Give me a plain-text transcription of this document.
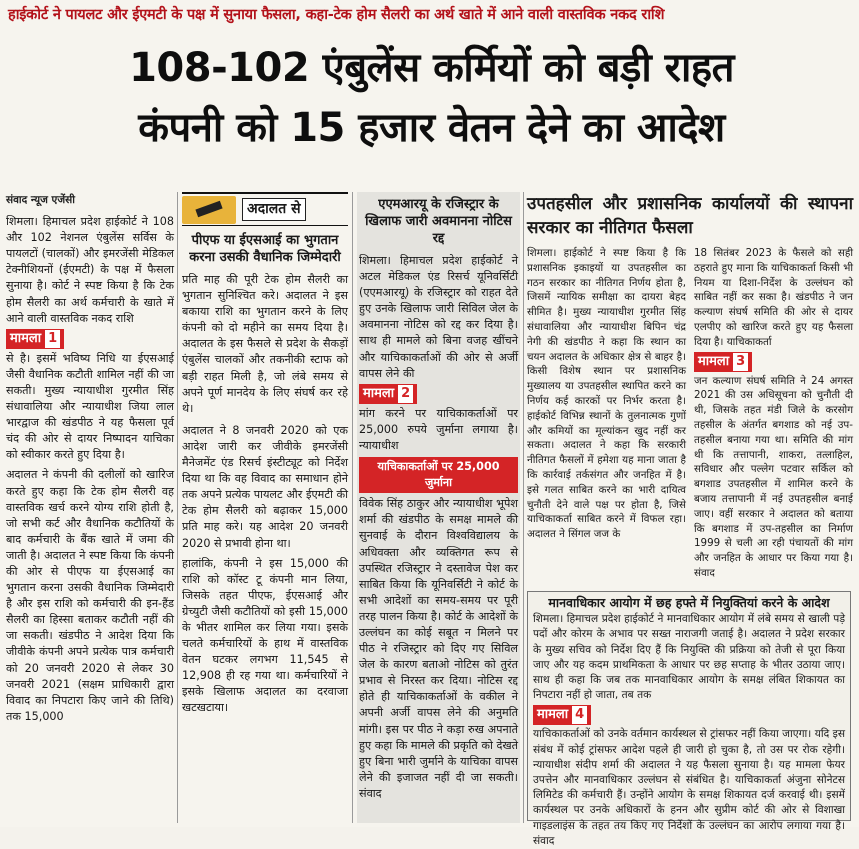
हाईकोर्ट ने पायलट और ईएमटी के पक्ष में सुनाया फैसला, कहा-टेक होम सैलरी का अर्थ खाते में आने वाली वास्तविक नकद राशि
108-102 एंबुलेंस कर्मियों को बड़ी राहत
कंपनी को 15 हजार वेतन देने का आदेश
संवाद न्यूज एजेंसी

शिमला। हिमाचल प्रदेश हाईकोर्ट ने 108 और 102 नेशनल एंबुलेंस सर्विस के पायलटों (चालकों) और इमरजेंसी मेडिकल टेक्नीशियनों (ईएमटी) के पक्ष में फैसला सुनाया है। कोर्ट ने स्पष्ट किया है कि टेक होम सैलरी का अर्थ कर्मचारी के खाते में आने वाली वास्तविक नकद राशि

मामला 1

से है। इसमें भविष्य निधि या ईएसआई जैसी वैधानिक कटौती शामिल नहीं की जा सकती। मुख्य न्यायाधीश गुरमीत सिंह संधावालिया और न्यायाधीश जिया लाल भारद्वाज की खंडपीठ ने यह फैसला पूर्व चंद की ओर से दायर निष्पादन याचिका को स्वीकार करते हुए दिया है।

अदालत ने कंपनी की दलीलों को खारिज करते हुए कहा कि टेक होम सैलरी वह वास्तविक खर्च करने योग्य राशि होती है, जो सभी कर्ट और वैधानिक कटौतियों के बाद कर्मचारी के बैंक खाते में जमा की जाती है। अदालत ने स्पष्ट किया कि कंपनी की ओर से पीएफ या ईएसआई का भुगतान करना उसकी वैधानिक जिम्मेदारी है और इस राशि को कर्मचारी की इन-हैंड सैलरी का हिस्सा बताकर कटौती नहीं की जा सकती। खंडपीठ ने आदेश दिया कि जीवीके कंपनी अपने प्रत्येक पात्र कर्मचारी को 20 जनवरी 2020 से लेकर 30 जनवरी 2021 (सक्षम प्राधिकारी द्वारा विवाद का निपटारा किए जाने की तिथि) तक 15,000

अदालत से
पीएफ या ईएसआई का भुगतान करना उसकी वैधानिक जिम्मेदारी

प्रति माह की पूरी टेक होम सैलरी का भुगतान सुनिश्चित करे। अदालत ने इस बकाया राशि का भुगतान करने के लिए कंपनी को दो महीने का समय दिया है। अदालत के इस फैसले से प्रदेश के सैकड़ों एंबुलेंस चालकों और तकनीकी स्टाफ को बड़ी राहत मिली है, जो लंबे समय से अपने पूर्ण मानदेय के लिए संघर्ष कर रहे थे।

अदालत ने 8 जनवरी 2020 को एक आदेश जारी कर जीवीके इमरजेंसी मैनेजमेंट एंड रिसर्च इंस्टीट्यूट को निर्देश दिया था कि वह विवाद का समाधान होने तक अपने प्रत्येक पायलट और ईएमटी की टेक होम सैलरी को बढ़ाकर 15,000 प्रति माह करे। यह आदेश 20 जनवरी 2020 से प्रभावी होना था।

हालांकि, कंपनी ने इस 15,000 की राशि को कॉस्ट टू कंपनी मान लिया, जिसके तहत पीएफ, ईएसआई और ग्रेच्युटी जैसी कटौतियों को इसी 15,000 के भीतर शामिल कर लिया गया। इसके चलते कर्मचारियों के हाथ में वास्तविक वेतन घटकर लगभग 11,545 से 12,908 ही रह गया था। कर्मचारियों ने इसके खिलाफ अदालत का दरवाजा खटखटाया।

एएमआरयू के रजिस्ट्रार के खिलाफ जारी अवमानना नोटिस रद्द

शिमला। हिमाचल प्रदेश हाईकोर्ट ने अटल मेडिकल एंड रिसर्च यूनिवर्सिटी (एएमआरयू) के रजिस्ट्रार को राहत देते हुए उनके खिलाफ जारी सिविल जेल के अवमानना नोटिस को रद्द कर दिया है। साथ ही मामले को बिना वजह खींचने और याचिकाकर्ताओं की ओर से अर्जी वापस लेने की

मामला 2

मांग करने पर याचिकाकर्ताओं पर 25,000 रुपये जुर्माना लगाया है। न्यायाधीश

याचिकाकर्ताओं पर 25,000 जुर्माना

विवेक सिंह ठाकुर और न्यायाधीश भूपेश शर्मा की खंडपीठ के समक्ष मामले की सुनवाई के दौरान विश्वविद्यालय के अधिवक्ता और व्यक्तिगत रूप से उपस्थित रजिस्ट्रार ने दस्तावेज पेश कर साबित किया कि यूनिवर्सिटी ने कोर्ट के सभी आदेशों का समय-समय पर पूरी तरह पालन किया है। कोर्ट के आदेशों के उल्लंघन का कोई सबूत न मिलने पर पीठ ने रजिस्ट्रार को दिए गए सिविल जेल के कारण बताओ नोटिस को तुरंत प्रभाव से निरस्त कर दिया। नोटिस रद्द होते ही याचिकाकर्ताओं के वकील ने अपनी अर्जी वापस लेने की अनुमति मांगी। इस पर पीठ ने कड़ा रुख अपनाते हुए कहा कि मामले की प्रकृति को देखते हुए बिना भारी जुर्माने के याचिका वापस लेने की इजाजत नहीं दी जा सकती। संवाद

उपतहसील और प्रशासनिक कार्यालयों की स्थापना सरकार का नीतिगत फैसला

शिमला। हाईकोर्ट ने स्पष्ट किया है कि प्रशासनिक इकाइयों या उपतहसील का गठन सरकार का नीतिगत निर्णय होता है, जिसमें न्यायिक समीक्षा का दायरा बेहद सीमित है। मुख्य न्यायाधीश गुरमीत सिंह संधावालिया और न्यायाधीश बिपिन चंद्र नेगी की खंडपीठ ने कहा कि स्थान का चयन अदालत के अधिकार क्षेत्र से बाहर है। किसी विशेष स्थान पर प्रशासनिक मुख्यालय या उपतहसील स्थापित करने का निर्णय कई कारकों पर निर्भर करता है। हाईकोर्ट विभिन्न स्थानों के तुलनात्मक गुणों और कमियों का मूल्यांकन खुद नहीं कर सकता। अदालत ने कहा कि सरकारी नीतिगत फैसलों में हमेशा यह माना जाता है कि कार्रवाई तर्कसंगत और जनहित में है। इसे गलत साबित करने का भारी दायित्व चुनौती देने वाले पक्ष पर होता है, जिसे याचिकाकर्ता साबित करने में विफल रहा। अदालत ने सिंगल जज के

18 सितंबर 2023 के फैसले को सही ठहराते हुए माना कि याचिकाकर्ता किसी भी नियम या दिशा-निर्देश के उल्लंघन को साबित नहीं कर सका है। खंडपीठ ने जन कल्याण संघर्ष समिति की ओर से दायर एलपीए को खारिज करते हुए यह फैसला दिया है। याचिकाकर्ता

मामला 3

जन कल्याण संघर्ष समिति ने 24 अगस्त 2021 की उस अधिसूचना को चुनौती दी थी, जिसके तहत मंडी जिले के करसोग तहसील के अंतर्गत बगशाड को नई उप-तहसील बनाया गया था। समिति की मांग थी कि तत्तापानी, शाकरा, तत्लाहिल, सविधार और पल्लेग पटवार सर्किल को बगशाड उपतहसील में शामिल करने के बजाय तत्तापानी में नई उपतहसील बनाई जाए। वहीं सरकार ने अदालत को बताया कि बगशाड में उप-तहसील का निर्माण 1999 से चली आ रही पंचायतों की मांग और जनहित के आधार पर किया गया है। संवाद

मानवाधिकार आयोग में छह हफ्ते में नियुक्तियां करने के आदेश

शिमला। हिमाचल प्रदेश हाईकोर्ट ने मानवाधिकार आयोग में लंबे समय से खाली पड़े पदों और कोरम के अभाव पर सख्त नाराजगी जताई है। अदालत ने प्रदेश सरकार के मुख्य सचिव को निर्देश दिए हैं कि नियुक्ति की प्रक्रिया को तेजी से पूरा किया जाए और यह कदम प्राथमिकता के आधार पर छह सप्ताह के भीतर उठाया जाए। साथ ही कहा कि जब तक मानवाधिकार आयोग के समक्ष लंबित शिकायत का निपटारा नहीं हो जाता, तब तक

मामला 4

याचिकाकर्ताओं को उनके वर्तमान कार्यस्थल से ट्रांसफर नहीं किया जाएगा। यदि इस संबंध में कोई ट्रांसफर आदेश पहले ही जारी हो चुका है, तो उस पर रोक रहेगी। न्यायाधीश संदीप शर्मा की अदालत ने यह फैसला सुनाया है। यह मामला फेयर उपत्तेन और मानवाधिकार उल्लंघन से संबंधित है। याचिकाकर्ता अंजुना सोनेटस लिमिटेड की कर्मचारी हैं। उन्होंने आयोग के समक्ष शिकायत दर्ज करवाई थी। इसमें कार्यस्थल पर उनके अधिकारों के हनन और सुप्रीम कोर्ट की ओर से विशाखा गाइडलाइंस के तहत तय किए गए निर्देशों के उल्लंघन का आरोप लगाया गया है। संवाद
